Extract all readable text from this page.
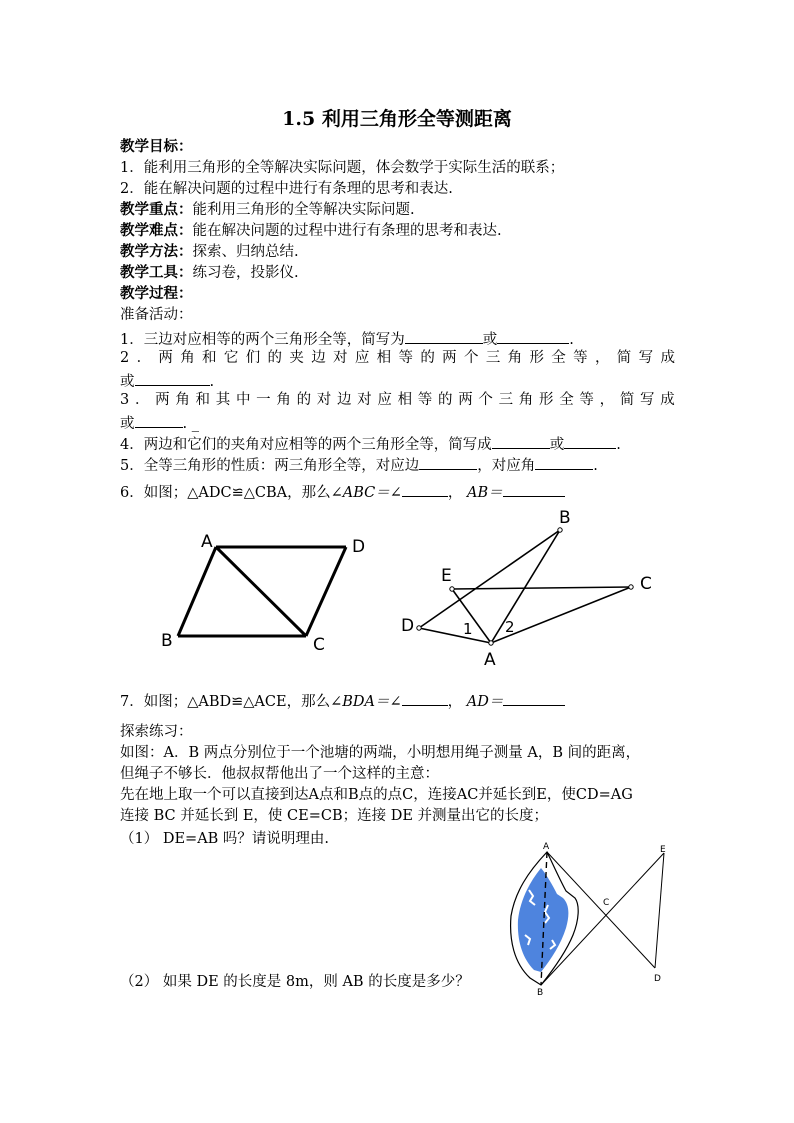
1.5 利用三角形全等测距离
教学目标：
1．能利用三角形的全等解决实际问题，体会数学于实际生活的联系；
2．能在解决问题的过程中进行有条理的思考和表达.
教学重点：能利用三角形的全等解决实际问题.
教学难点：能在解决问题的过程中进行有条理的思考和表达.
教学方法：探索、归纳总结.
教学工具：练习卷，投影仪.
教学过程：
准备活动：
1．三边对应相等的两个三角形全等，简写为	或	.
2 ． 两 角 和 它 们 的 夹 边 对 应 相 等 的 两 个 三 角 形 全 等 ， 简 写 成
或	.
3 ． 两 角 和 其 中 一 角 的 对 边 对 应 相 等 的 两 个 三 角 形 全 等 ， 简 写 成
或	. _
4．两边和它们的夹角对应相等的两个三角形全等，简写成	或	.
5．全等三角形的性质：两三角形全等，对应边	，对应角	.
6．如图；△ADC≌△CBA，那么∠ABC＝∠	， AB＝
7．如图；△ABD≌△ACE，那么∠BDA＝∠	， AD＝
探索练习：
如图：A．B 两点分别位于一个池塘的两端，小明想用绳子测量 A，B 间的距离，
但绳子不够长．他叔叔帮他出了一个这样的主意：
先在地上取一个可以直接到达A点和B点的点C，连接AC并延长到E，使CD=AG
连接 BC 并延长到 E，使 CE=CB；连接 DE 并测量出它的长度；
（1） DE=AB 吗？请说明理由.
（2） 如果 DE 的长度是 8m，则 AB 的长度是多少？
A	D
B	C
B
E	C
D
A
1 2
A
B
C
E
D
